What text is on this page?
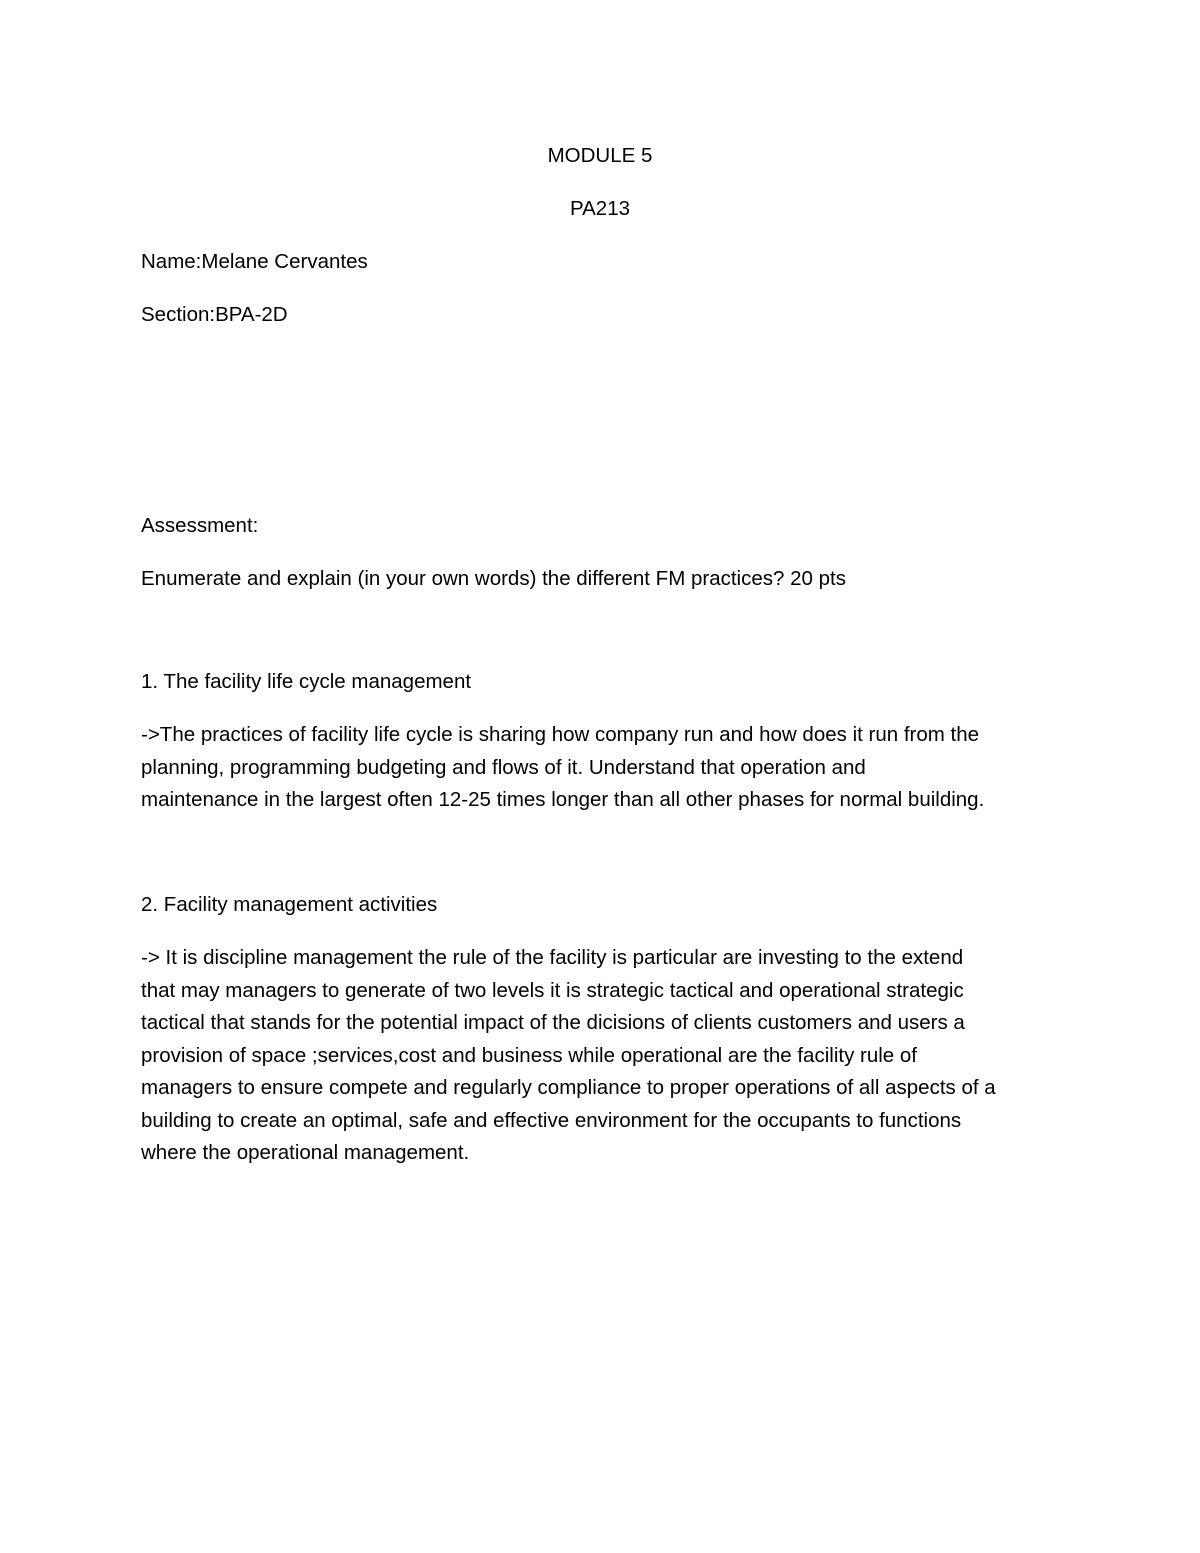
MODULE 5

PA213

Name:Melane Cervantes

Section:BPA-2D

Assessment:

Enumerate and explain (in your own words) the different FM practices? 20 pts

1. The facility life cycle management

->The practices of facility life cycle is sharing how company run and how does it run from the
planning, programming budgeting and flows of it. Understand that operation and
maintenance in the largest often 12-25 times longer than all other phases for normal building.

2. Facility management activities

-> It is discipline management the rule of the facility is particular are investing to the extend
that may managers to generate of two levels it is strategic tactical and operational strategic
tactical that stands for the potential impact of the dicisions of clients customers and users a
provision of space ;services,cost and business while operational are the facility rule of
managers to ensure compete and regularly compliance to proper operations of all aspects of a
building to create an optimal, safe and effective environment for the occupants to functions
where the operational management.
